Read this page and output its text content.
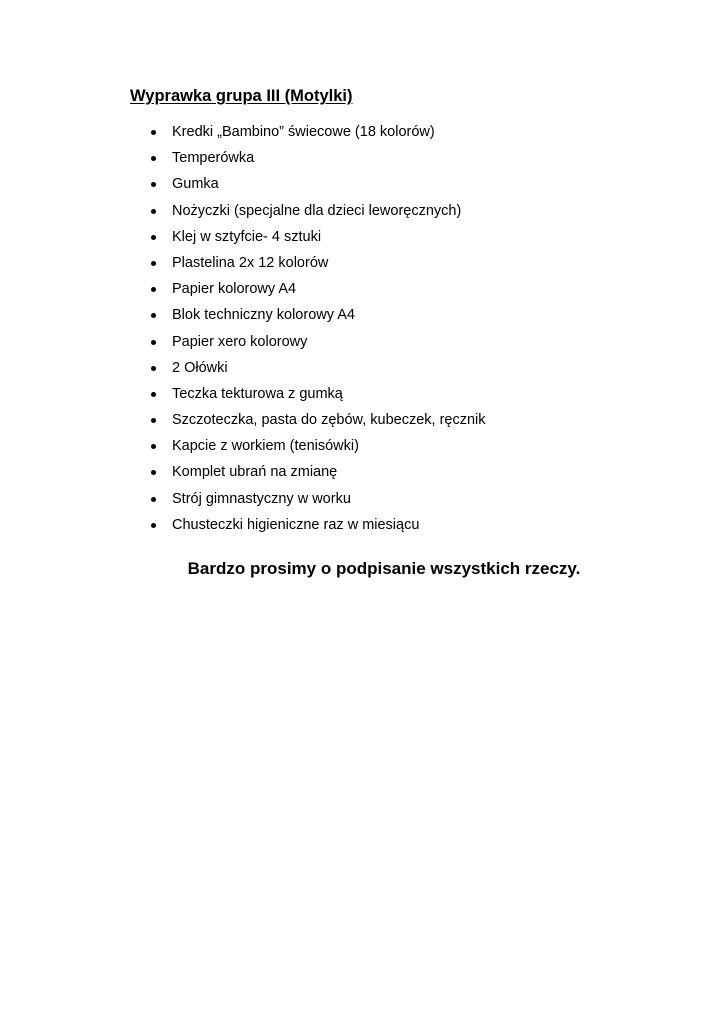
Wyprawka grupa III (Motylki)
Kredki „Bambino” świecowe (18 kolorów)
Temperówka
Gumka
Nożyczki (specjalne dla dzieci leworęcznych)
Klej w sztyfcie- 4 sztuki
Plastelina 2x 12 kolorów
Papier kolorowy A4
Blok techniczny kolorowy A4
Papier xero kolorowy
2 Ołówki
Teczka tekturowa z gumką
Szczoteczka, pasta do zębów, kubeczek, ręcznik
Kapcie z workiem (tenisówki)
Komplet ubrań na zmianę
Strój gimnastyczny w worku
Chusteczki higieniczne raz w miesiącu

Bardzo prosimy o podpisanie wszystkich rzeczy.
